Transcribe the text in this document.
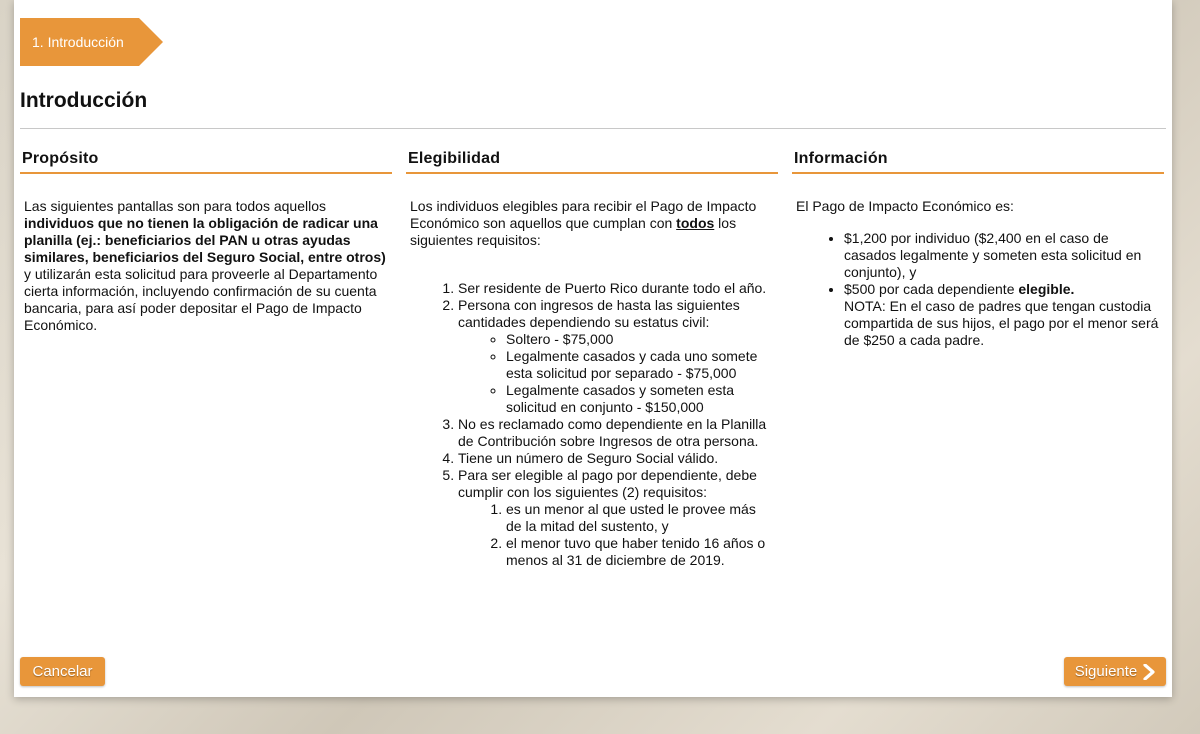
1. Introducción
Introducción
Propósito

Las siguientes pantallas son para todos aquellos individuos que no tienen la obligación de radicar una planilla (ej.: beneficiarios del PAN u otras ayudas similares, beneficiarios del Seguro Social, entre otros) y utilizarán esta solicitud para proveerle al Departamento cierta información, incluyendo confirmación de su cuenta bancaria, para así poder depositar el Pago de Impacto Económico.

Elegibilidad

Los individuos elegibles para recibir el Pago de Impacto Económico son aquellos que cumplan con todos los siguientes requisitos:

1. Ser residente de Puerto Rico durante todo el año.
2. Persona con ingresos de hasta las siguientes cantidades dependiendo su estatus civil:
◦ Soltero - $75,000
◦ Legalmente casados y cada uno somete esta solicitud por separado - $75,000
◦ Legalmente casados y someten esta solicitud en conjunto - $150,000
3. No es reclamado como dependiente en la Planilla de Contribución sobre Ingresos de otra persona.
4. Tiene un número de Seguro Social válido.
5. Para ser elegible al pago por dependiente, debe cumplir con los siguientes (2) requisitos:
1. es un menor al que usted le provee más de la mitad del sustento, y
2. el menor tuvo que haber tenido 16 años o menos al 31 de diciembre de 2019.
Información

El Pago de Impacto Económico es:

• $1,200 por individuo ($2,400 en el caso de casados legalmente y someten esta solicitud en conjunto), y
• $500 por cada dependiente elegible.
NOTA: En el caso de padres que tengan custodia compartida de sus hijos, el pago por el menor será de $250 a cada padre.
Cancelar	Siguiente
